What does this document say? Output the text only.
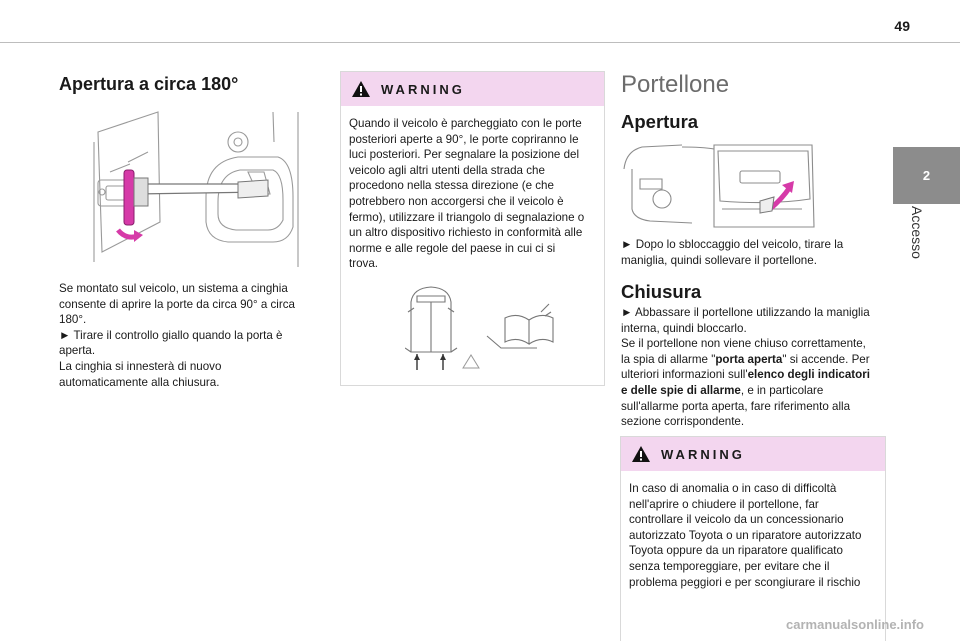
49
2
Accesso
Apertura a circa 180°

Se montato sul veicolo, un sistema a cinghia

consente di aprire la porte da circa 90° a circa

180°.

► Tirare il controllo giallo quando la porta è

aperta.

La cinghia si innesterà di nuovo

automaticamente alla chiusura.

WARNING

Quando il veicolo è parcheggiato con le porte

posteriori aperte a 90°, le porte copriranno le

luci posteriori. Per segnalare la posizione del

veicolo agli altri utenti della strada che

procedono nella stessa direzione (e che

potrebbero non accorgersi che il veicolo è

fermo), utilizzare il triangolo di segnalazione o

un altro dispositivo richiesto in conformità alle

norme e alle regole del paese in cui ci si

trova.

Portellone
Apertura

► Dopo lo sbloccaggio del veicolo, tirare la

maniglia, quindi sollevare il portellone.

Chiusura

► Abbassare il portellone utilizzando la maniglia

interna, quindi bloccarlo.

Se il portellone non viene chiuso correttamente,

la spia di allarme "porta aperta" si accende. Per

ulteriori informazioni sull'elenco degli indicatori

e delle spie di allarme, e in particolare

sull'allarme porta aperta, fare riferimento alla

sezione corrispondente.

WARNING

In caso di anomalia o in caso di difficoltà

nell'aprire o chiudere il portellone, far

controllare il veicolo da un concessionario

autorizzato Toyota o un riparatore autorizzato

Toyota oppure da un riparatore qualificato

senza temporeggiare, per evitare che il

problema peggiori e per scongiurare il rischio

carmanualsonline.info
